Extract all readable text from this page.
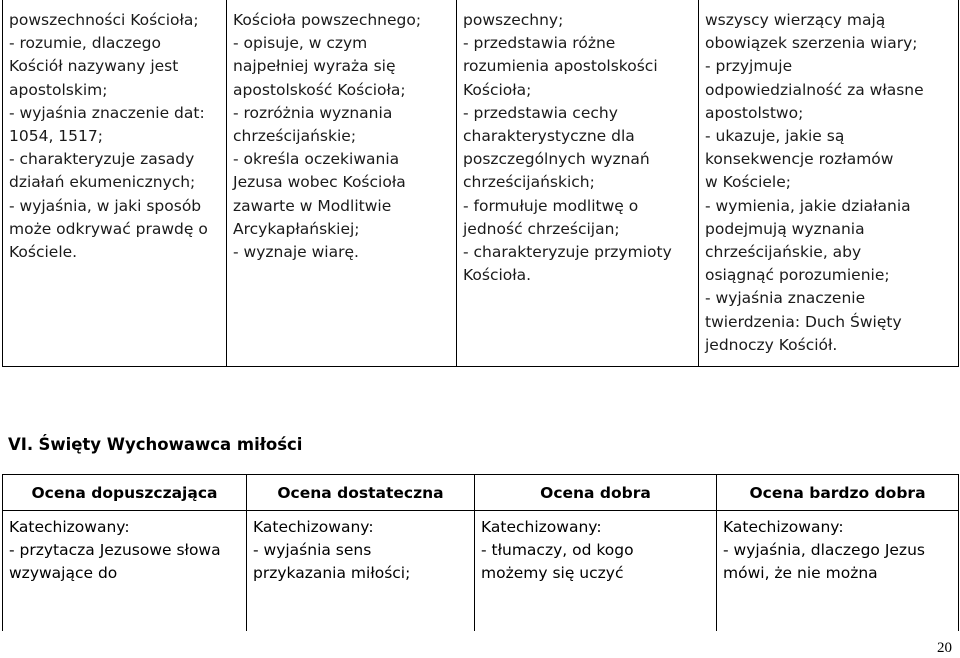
powszechności Kościoła;
- rozumie, dlaczego
Kościół nazywany jest
apostolskim;
- wyjaśnia znaczenie dat:
1054, 1517;
- charakteryzuje zasady
działań ekumenicznych;
- wyjaśnia, w jaki sposób
może odkrywać prawdę o
Kościele.

Kościoła powszechnego;
- opisuje, w czym
najpełniej wyraża się
apostolskość Kościoła;
- rozróżnia wyznania
chrześcijańskie;
- określa oczekiwania
Jezusa wobec Kościoła
zawarte w Modlitwie
Arcykapłańskiej;
- wyznaje wiarę.

powszechny;
- przedstawia różne
rozumienia apostolskości
Kościoła;
- przedstawia cechy
charakterystyczne dla
poszczególnych wyznań
chrześcijańskich;
- formułuje modlitwę o
jedność chrześcijan;
- charakteryzuje przymioty
Kościoła.

wszyscy wierzący mają
obowiązek szerzenia wiary;
- przyjmuje
odpowiedzialność za własne
apostolstwo;
- ukazuje, jakie są
konsekwencje rozłamów
w Kościele;
- wymienia, jakie działania
podejmują wyznania
chrześcijańskie, aby
osiągnąć porozumienie;
- wyjaśnia znaczenie
twierdzenia: Duch Święty
jednoczy Kościół.
VI. Święty Wychowawca miłości
Ocena dopuszczająca	Ocena dostateczna	Ocena dobra	Ocena bardzo dobra

Katechizowany:
- przytacza Jezusowe słowa
wzywające do	Katechizowany:
- wyjaśnia sens
przykazania miłości;	Katechizowany:
- tłumaczy, od kogo
możemy się uczyć	Katechizowany:
- wyjaśnia, dlaczego Jezus
mówi, że nie można
20
